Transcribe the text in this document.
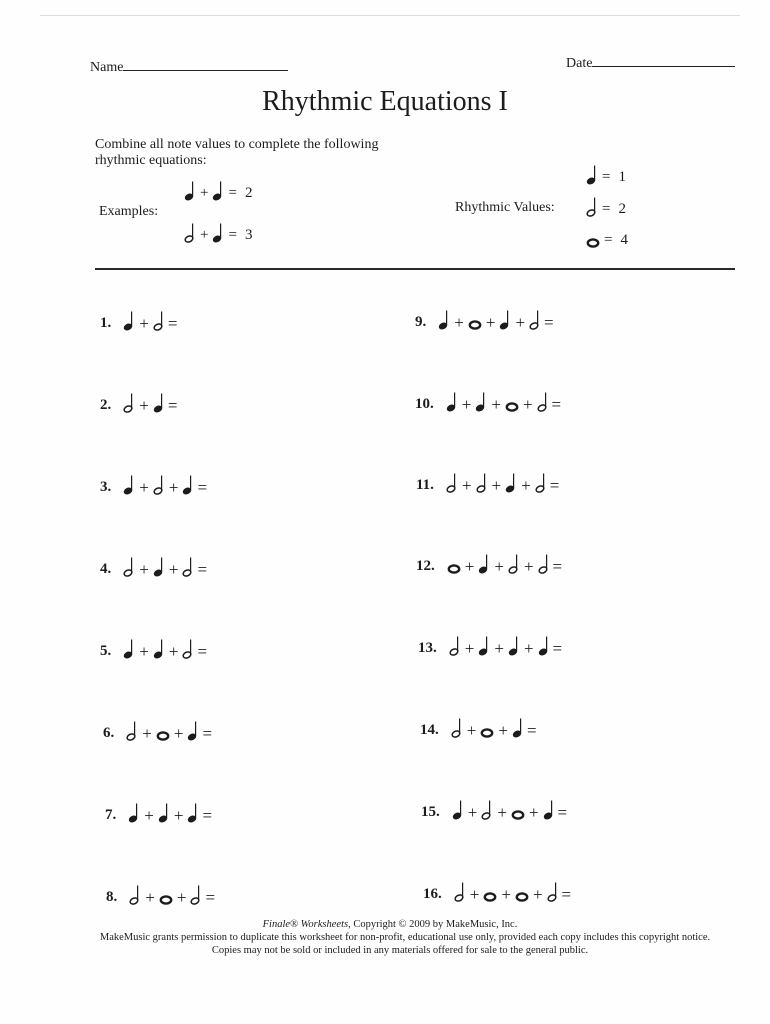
Name	Date
Rhythmic Equations I
Combine all note values to complete the following rhythmic equations:
Examples:
+ = 2
+ = 3
Rhythmic Values:
= 1
= 2
= 4
1. + =
2. + =
3. + + =
4. + + =
5. + + =
6. + + =
7. + + =
8. + + =
9. + + + =
10. + + + =
11. + + + =
12. + + + =
13. + + + =
14. + + =
15. + + + =
16. + + + =
Finale® Worksheets, Copyright © 2009 by MakeMusic, Inc.
MakeMusic grants permission to duplicate this worksheet for non-profit, educational use only, provided each copy includes this copyright notice.
Copies may not be sold or included in any materials offered for sale to the general public.
